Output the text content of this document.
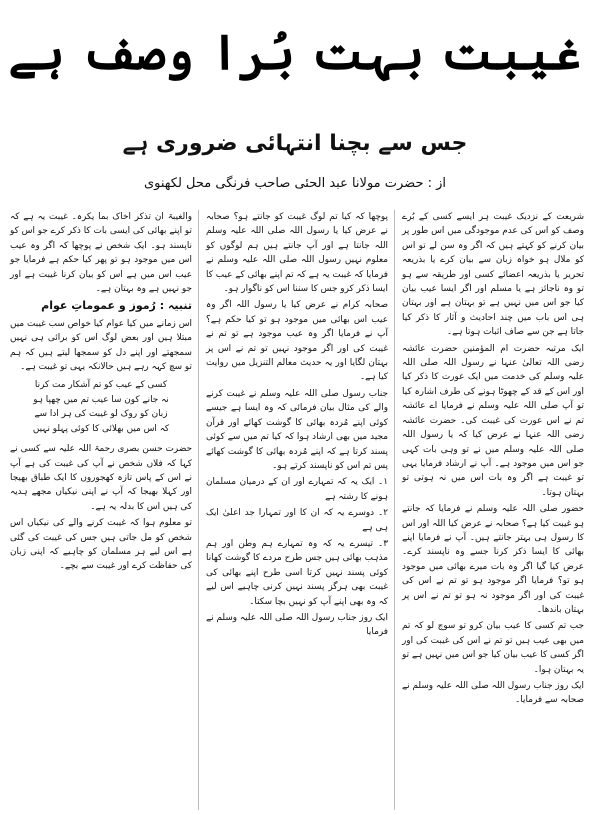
غیبت بہت بُرا وصف ہے
جس سے بچنا انتہائی ضروری ہے
از : حضرت مولانا عبد الحئی صاحب فرنگی محل لکھنوی

شریعت کے نزدیک غیبت ہر ایسے کسی کے بُرے وصف کو اس کی عدم موجودگی میں اس طور پر بیان کرنے کو کہتے ہیں کہ اگر وہ سن لے تو اس کو ملال ہو خواہ زبان سے بیان کرے یا بذریعہ تحریر یا بذریعہ اعضائے کسی اور طریقہ سے ہو تو وہ ناجائز ہے یا مسلم اور اگر ایسا عیب بیان کیا جو اس میں نہیں ہے تو بہتان ہے اور بہتان ہی اس باب میں چند احادیث و آثار کا ذکر کیا جاتا ہے جن سے صاف اثبات ہوتا ہے۔

ایک مرتبہ حضرت ام المؤمنین حضرت عائشہ رضی اللہ تعالیٰ عنہا نے رسول اللہ صلی اللہ علیہ وسلم کی خدمت میں ایک عورت کا ذکر کیا اور اس کے قد کے چھوٹا ہونے کی طرف اشارہ کیا تو آپ صلی اللہ علیہ وسلم نے فرمایا اے عائشہ تم نے اس عورت کی غیبت کی۔ حضرت عائشہ رضی اللہ عنہا نے عرض کیا کہ یا رسول اللہ صلی اللہ علیہ وسلم میں نے تو وہی بات کہی جو اس میں موجود ہے۔ آپ نے ارشاد فرمایا یہی تو غیبت ہے اگر وہ بات اس میں نہ ہوتی تو بہتان ہوتا۔

حضور صلی اللہ علیہ وسلم نے فرمایا کہ جانتے ہو غیبت کیا ہے؟ صحابہ نے عرض کیا اللہ اور اس کا رسول ہی بہتر جانتے ہیں۔ آپ نے فرمایا اپنے بھائی کا ایسا ذکر کرنا جسے وہ ناپسند کرے۔ عرض کیا گیا اگر وہ بات میرے بھائی میں موجود ہو تو؟ فرمایا اگر موجود ہو تو تم نے اس کی غیبت کی اور اگر موجود نہ ہو تو تم نے اس پر بہتان باندھا۔

جب تم کسی کا عیب بیان کرو تو سوچ لو کہ تم میں بھی عیب ہیں تو تم نے اس کی غیبت کی اور اگر کسی کا عیب بیان کیا جو اس میں نہیں ہے تو یہ بہتان ہوا۔

ایک روز جناب رسول اللہ صلی اللہ علیہ وسلم نے صحابہ سے فرمایا۔

پوچھا کہ کیا تم لوگ غیبت کو جانتے ہو؟ صحابہ نے عرض کیا یا رسول اللہ صلی اللہ علیہ وسلم اللہ جانتا ہے اور آپ جانتے ہیں ہم لوگوں کو معلوم نہیں رسول اللہ صلی اللہ علیہ وسلم نے فرمایا کہ غیبت یہ ہے کہ تم اپنے بھائی کے عیب کا ایسا ذکر کرو جس کا سننا اس کو ناگوار ہو۔

صحابہ کرام نے عرض کیا یا رسول اللہ اگر وہ عیب اس بھائی میں موجود ہو تو کیا حکم ہے؟ آپ نے فرمایا اگر وہ عیب موجود ہے تو تم نے غیبت کی اور اگر موجود نہیں تو تم نے اس پر بہتان لگایا اور یہ حدیث معالم التنزیل میں روایت کیا ہے۔

جناب رسول صلی اللہ علیہ وسلم نے غیبت کرنے والے کی مثال بیان فرمائی کہ وہ ایسا ہے جیسے کوئی اپنے مُردہ بھائی کا گوشت کھائے اور قرآن مجید میں بھی ارشاد ہوا کہ کیا تم میں سے کوئی پسند کرتا ہے کہ اپنے مُردہ بھائی کا گوشت کھائے پس تم اس کو ناپسند کرتے ہو۔

۱۔ ایک یہ کہ تمہارے اور ان کے درمیان مسلمان ہونے کا رشتہ ہے

۲۔ دوسرے یہ کہ ان کا اور تمہارا جد اعلیٰ ایک ہی ہے

۳۔ تیسرے یہ کہ وہ تمہارے ہم وطن اور ہم مذہب بھائی ہیں جس طرح مردے کا گوشت کھانا کوئی پسند نہیں کرتا اسی طرح اپنے بھائی کی غیبت بھی ہرگز پسند نہیں کرنی چاہیے اس لیے کہ وہ بھی اپنے آپ کو نہیں بچا سکتا۔

ایک روز جناب رسول اللہ صلی اللہ علیہ وسلم نے فرمایا

والغیبۃ ان تذکر اخاک بما یکرہ۔ غیبت یہ ہے کہ تو اپنے بھائی کی ایسی بات کا ذکر کرے جو اس کو ناپسند ہو۔ ایک شخص نے پوچھا کہ اگر وہ عیب اس میں موجود ہو تو پھر کیا حکم ہے فرمایا جو عیب اس میں ہے اس کو بیان کرنا غیبت ہے اور جو نہیں ہے وہ بہتان ہے۔

تنبیہ : رُموز و عموماتِ عوام

اس زمانے میں کیا عوام کیا خواص سب غیبت میں مبتلا ہیں اور بعض لوگ اس کو برائی ہی نہیں سمجھتے اور اپنے دل کو سمجھا لیتے ہیں کہ ہم تو سچ کہہ رہے ہیں حالانکہ یہی تو غیبت ہے۔

کسی کے عیب کو تم آشکار مت کرنا

نہ جانے کون سا عیب تم میں چھپا ہو

زبان کو روک لو غیبت کی ہر ادا سے

کہ اس میں بھلائی کا کوئی پہلو نہیں

حضرت حسن بصری رحمۃ اللہ علیہ سے کسی نے کہا کہ فلاں شخص نے آپ کی غیبت کی ہے آپ نے اس کے پاس تازہ کھجوروں کا ایک طباق بھیجا اور کہلا بھیجا کہ آپ نے اپنی نیکیاں مجھے ہدیہ کی ہیں اس کا بدلہ یہ ہے۔

تو معلوم ہوا کہ غیبت کرنے والے کی نیکیاں اس شخص کو مل جاتی ہیں جس کی غیبت کی گئی ہے اس لیے ہر مسلمان کو چاہیے کہ اپنی زبان کی حفاظت کرے اور غیبت سے بچے۔
